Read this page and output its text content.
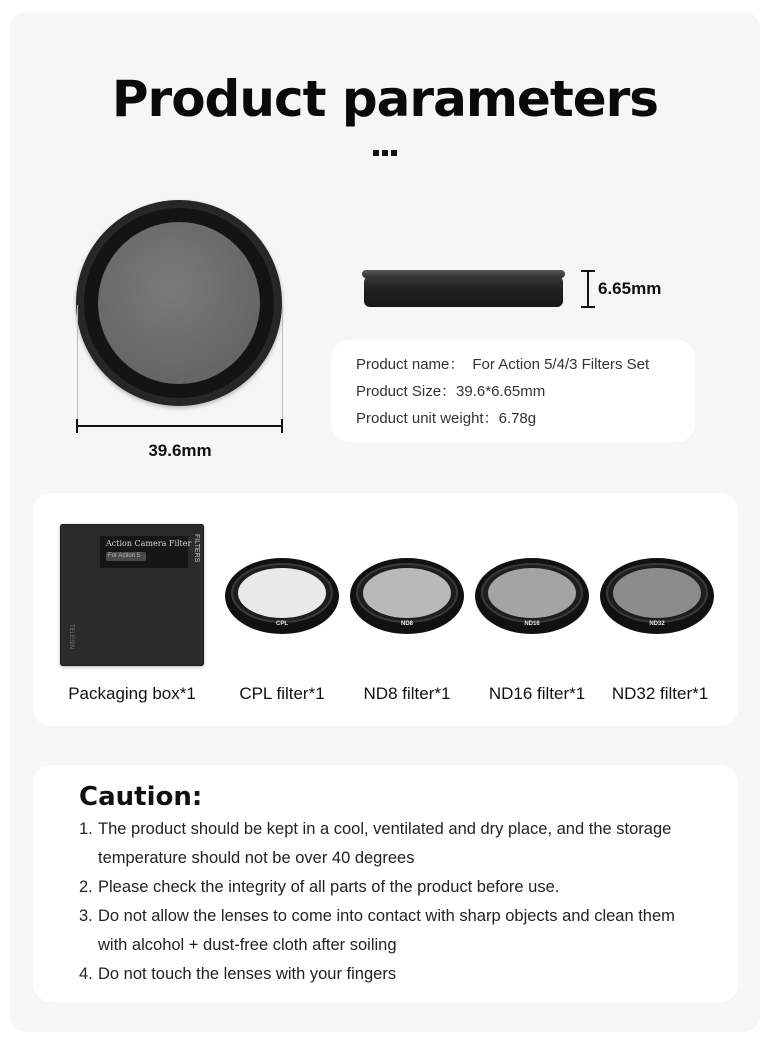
Product parameters
39.6mm
6.65mm
Product name： For Action 5/4/3 Filters Set
Product Size：39.6*6.65mm
Product unit weight：6.78g
Action Camera Filter
For Action 5	FILTERS
TELESIN	CPL	ND8	ND16	ND32
Packaging box*1	CPL filter*1	ND8 filter*1	ND16 filter*1	ND32 filter*1
Caution:
1. The product should be kept in a cool, ventilated and dry place, and the storage temperature should not be over 40 degrees
2. Please check the integrity of all parts of the product before use.
3. Do not allow the lenses to come into contact with sharp objects and clean them with alcohol + dust-free cloth after soiling
4. Do not touch the lenses with your fingers
